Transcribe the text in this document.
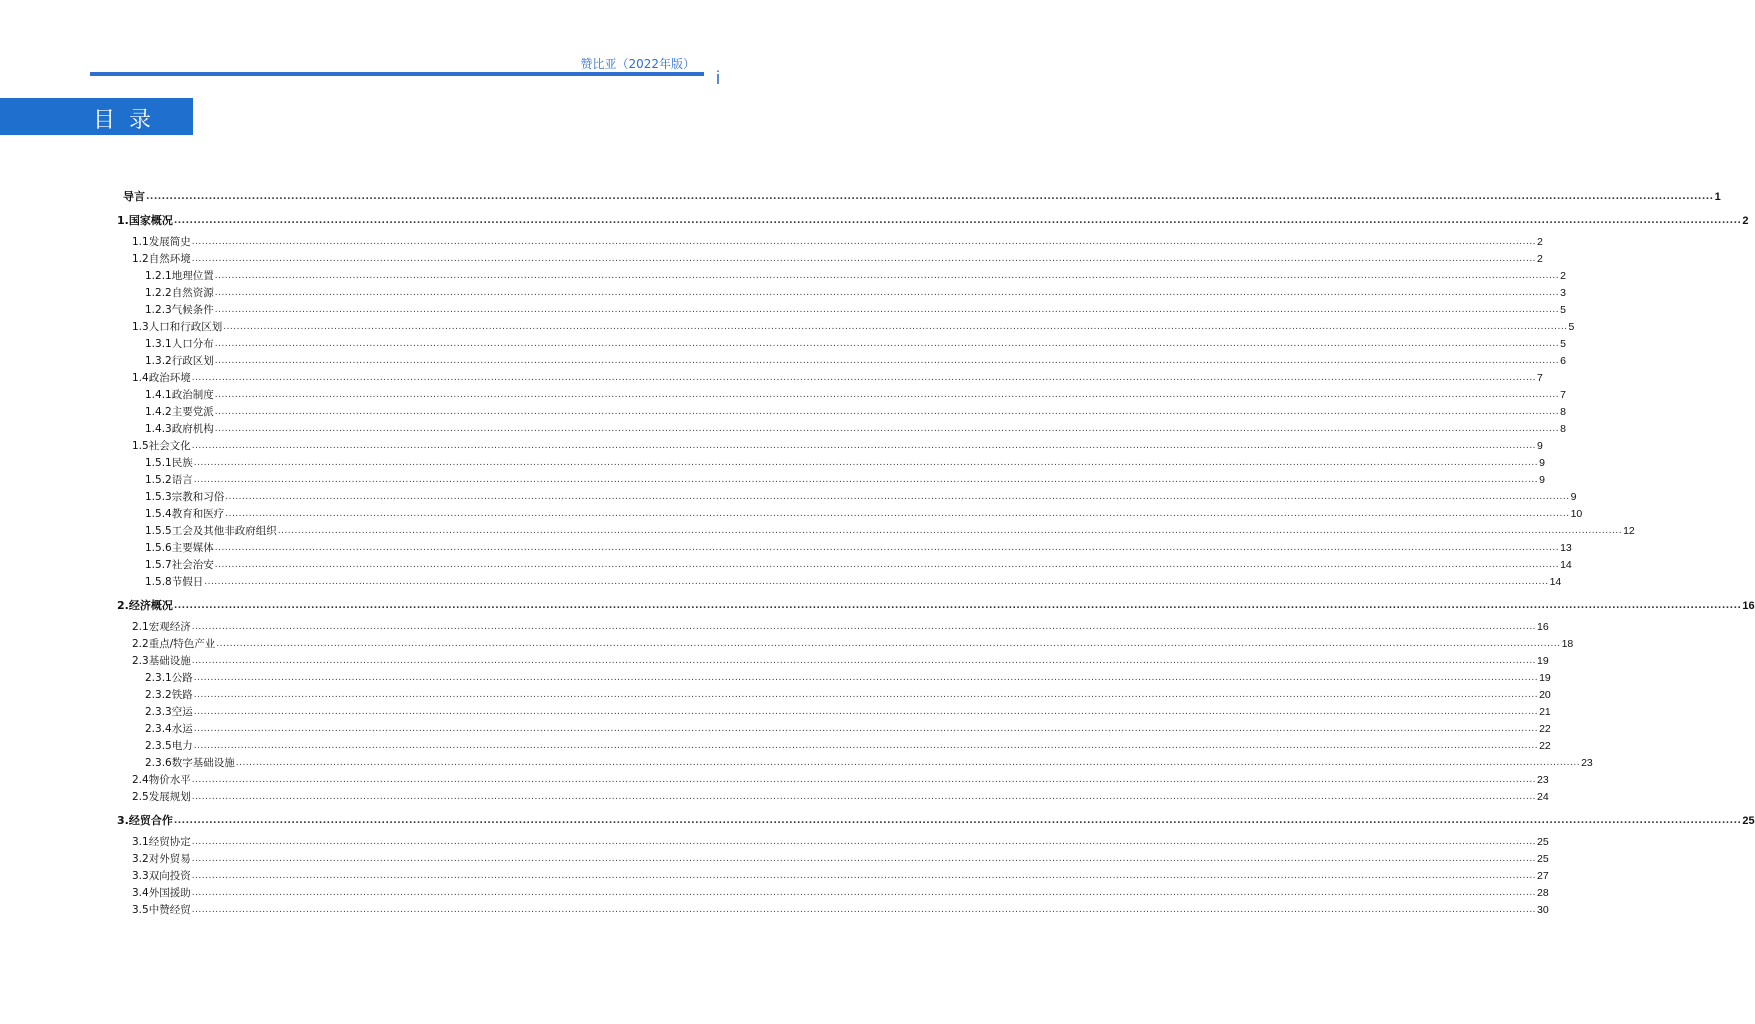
赞比亚（2022年版）
i
目录
导言 ................................................................................................................................................................................................................................................................................................................................................................................................................ 1
1. 国家概况 ................................................................................................................................................................................................................................................................................................................................................................................................................ 2
1.1 发展简史 ................................................................................................................................................................................................................................................................................................................................................................................................................ 2
1.2 自然环境 ................................................................................................................................................................................................................................................................................................................................................................................................................ 2
1.2.1 地理位置 ................................................................................................................................................................................................................................................................................................................................................................................................................ 2
1.2.2 自然资源 ................................................................................................................................................................................................................................................................................................................................................................................................................ 3
1.2.3 气候条件 ................................................................................................................................................................................................................................................................................................................................................................................................................ 5
1.3 人口和行政区划 ................................................................................................................................................................................................................................................................................................................................................................................................................ 5
1.3.1 人口分布 ................................................................................................................................................................................................................................................................................................................................................................................................................ 5
1.3.2 行政区划 ................................................................................................................................................................................................................................................................................................................................................................................................................ 6
1.4 政治环境 ................................................................................................................................................................................................................................................................................................................................................................................................................ 7
1.4.1 政治制度 ................................................................................................................................................................................................................................................................................................................................................................................................................ 7
1.4.2 主要党派 ................................................................................................................................................................................................................................................................................................................................................................................................................ 8
1.4.3 政府机构 ................................................................................................................................................................................................................................................................................................................................................................................................................ 8
1.5 社会文化 ................................................................................................................................................................................................................................................................................................................................................................................................................ 9
1.5.1 民族 ................................................................................................................................................................................................................................................................................................................................................................................................................ 9
1.5.2 语言 ................................................................................................................................................................................................................................................................................................................................................................................................................ 9
1.5.3 宗教和习俗 ................................................................................................................................................................................................................................................................................................................................................................................................................ 9
1.5.4 教育和医疗 ................................................................................................................................................................................................................................................................................................................................................................................................................ 10
1.5.5 工会及其他非政府组织 ................................................................................................................................................................................................................................................................................................................................................................................................................ 12
1.5.6 主要媒体 ................................................................................................................................................................................................................................................................................................................................................................................................................ 13
1.5.7 社会治安 ................................................................................................................................................................................................................................................................................................................................................................................................................ 14
1.5.8 节假日 ................................................................................................................................................................................................................................................................................................................................................................................................................ 14
2. 经济概况 ................................................................................................................................................................................................................................................................................................................................................................................................................ 16
2.1 宏观经济 ................................................................................................................................................................................................................................................................................................................................................................................................................ 16
2.2 重点/特色产业 ................................................................................................................................................................................................................................................................................................................................................................................................................ 18
2.3 基础设施 ................................................................................................................................................................................................................................................................................................................................................................................................................ 19
2.3.1 公路 ................................................................................................................................................................................................................................................................................................................................................................................................................ 19
2.3.2 铁路 ................................................................................................................................................................................................................................................................................................................................................................................................................ 20
2.3.3 空运 ................................................................................................................................................................................................................................................................................................................................................................................................................ 21
2.3.4 水运 ................................................................................................................................................................................................................................................................................................................................................................................................................ 22
2.3.5 电力 ................................................................................................................................................................................................................................................................................................................................................................................................................ 22
2.3.6 数字基础设施 ................................................................................................................................................................................................................................................................................................................................................................................................................ 23
2.4 物价水平 ................................................................................................................................................................................................................................................................................................................................................................................................................ 23
2.5 发展规划 ................................................................................................................................................................................................................................................................................................................................................................................................................ 24
3. 经贸合作 ................................................................................................................................................................................................................................................................................................................................................................................................................ 25
3.1 经贸协定 ................................................................................................................................................................................................................................................................................................................................................................................................................ 25
3.2 对外贸易 ................................................................................................................................................................................................................................................................................................................................................................................................................ 25
3.3 双向投资 ................................................................................................................................................................................................................................................................................................................................................................................................................ 27
3.4 外国援助 ................................................................................................................................................................................................................................................................................................................................................................................................................ 28
3.5 中赞经贸 ................................................................................................................................................................................................................................................................................................................................................................................................................ 30
